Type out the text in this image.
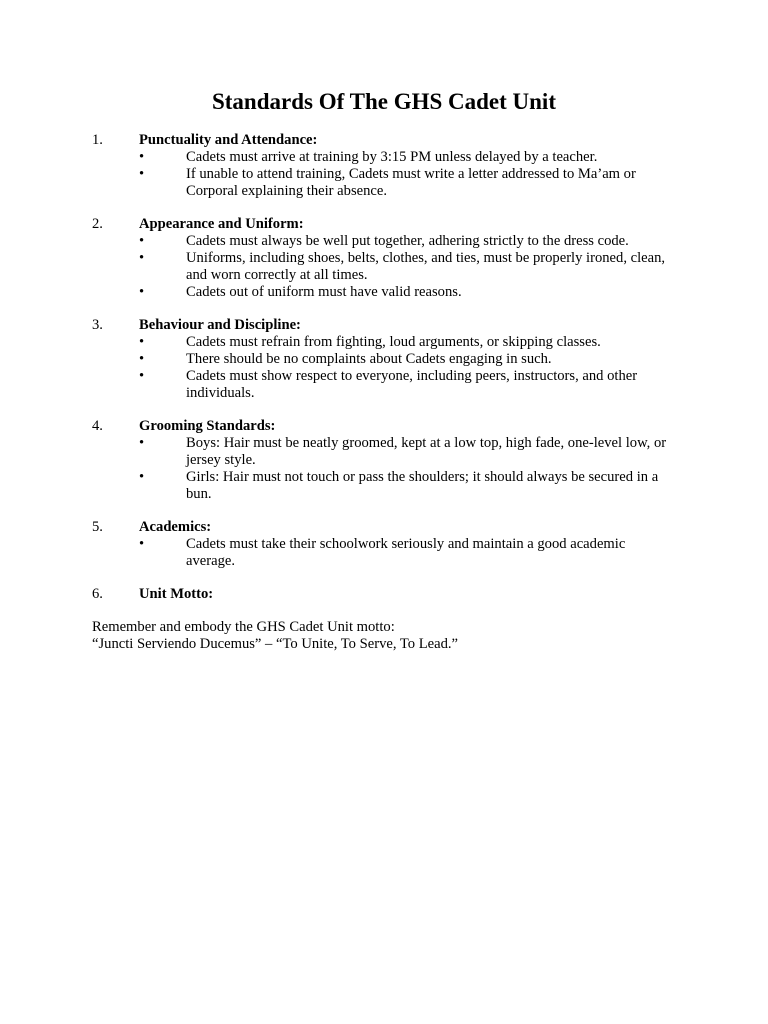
Standards Of The GHS Cadet Unit
1. Punctuality and Attendance:
•	Cadets must arrive at training by 3:15 PM unless delayed by a teacher.
•	If unable to attend training, Cadets must write a letter addressed to Ma’am or Corporal explaining their absence.
2. Appearance and Uniform:
•	Cadets must always be well put together, adhering strictly to the dress code.
•	Uniforms, including shoes, belts, clothes, and ties, must be properly ironed, clean, and worn correctly at all times.
•	Cadets out of uniform must have valid reasons.
3. Behaviour and Discipline:
•	Cadets must refrain from fighting, loud arguments, or skipping classes.
•	There should be no complaints about Cadets engaging in such.
•	Cadets must show respect to everyone, including peers, instructors, and other individuals.
4. Grooming Standards:
•	Boys: Hair must be neatly groomed, kept at a low top, high fade, one-level low, or jersey style.
•	Girls: Hair must not touch or pass the shoulders; it should always be secured in a bun.
5. Academics:
•	Cadets must take their schoolwork seriously and maintain a good academic average.
6. Unit Motto:

Remember and embody the GHS Cadet Unit motto:

“Juncti Serviendo Ducemus” – “To Unite, To Serve, To Lead.”
